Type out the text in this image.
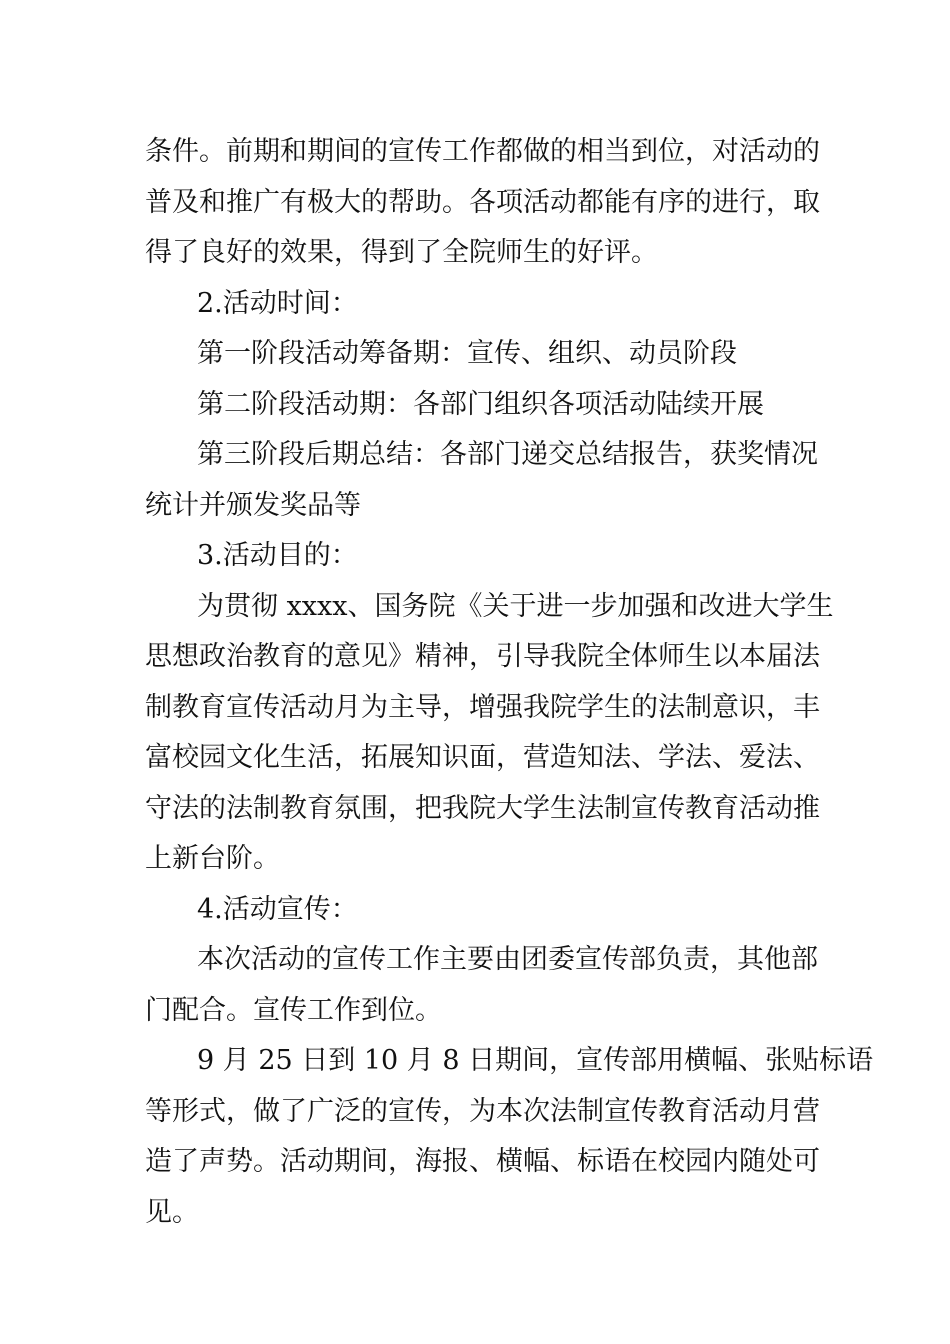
条件。前期和期间的宣传工作都做的相当到位，对活动的
普及和推广有极大的帮助。各项活动都能有序的进行，取
得了良好的效果，得到了全院师生的好评。
2.活动时间：
第一阶段活动筹备期：宣传、组织、动员阶段
第二阶段活动期：各部门组织各项活动陆续开展
第三阶段后期总结：各部门递交总结报告，获奖情况
统计并颁发奖品等
3.活动目的：
为贯彻 xxxx、国务院《关于进一步加强和改进大学生
思想政治教育的意见》精神，引导我院全体师生以本届法
制教育宣传活动月为主导，增强我院学生的法制意识，丰
富校园文化生活，拓展知识面，营造知法、学法、爱法、
守法的法制教育氛围，把我院大学生法制宣传教育活动推
上新台阶。
4.活动宣传：
本次活动的宣传工作主要由团委宣传部负责，其他部
门配合。宣传工作到位。
9 月 25 日到 10 月 8 日期间，宣传部用横幅、张贴标语
等形式，做了广泛的宣传，为本次法制宣传教育活动月营
造了声势。活动期间，海报、横幅、标语在校园内随处可
见。
